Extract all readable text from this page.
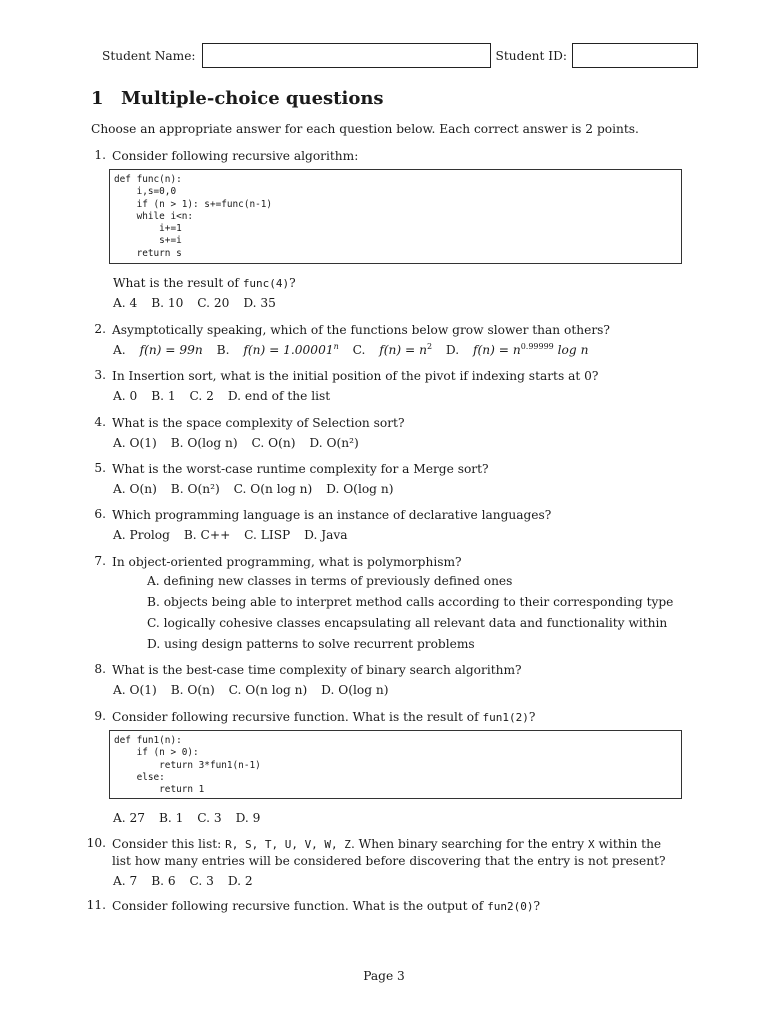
Student Name:	Student ID:
1 Multiple-choice questions
Choose an appropriate answer for each question below. Each correct answer is 2 points.
1. Consider following recursive algorithm:
def func(n):
i,s=0,0
if (n > 1): s+=func(n-1)
while i<n:
i+=1
s+=i
return s
What is the result of func(4)?
A. 4 B. 10 C. 20 D. 35
2. Asymptotically speaking, which of the functions below grow slower than others?
A. f(n) = 99n B. $f(n) = 1.00001^n$ C. $f(n) = n^2$ D. $f(n) = n^{0.99999}$ log n
3. In Insertion sort, what is the initial position of the pivot if indexing starts at 0?
A. 0 B. 1 C. 2 D. end of the list
4. What is the space complexity of Selection sort?
A. O(1) B. O(log n) C. O(n) D. O(n²)
5. What is the worst-case runtime complexity for a Merge sort?
A. O(n) B. O(n²) C. O(n log n) D. O(log n)
6. Which programming language is an instance of declarative languages?
A. Prolog B. C++ C. LISP D. Java
7. In object-oriented programming, what is polymorphism?
A. defining new classes in terms of previously defined ones
B. objects being able to interpret method calls according to their corresponding type
C. logically cohesive classes encapsulating all relevant data and functionality within
D. using design patterns to solve recurrent problems
8. What is the best-case time complexity of binary search algorithm?
A. O(1) B. O(n) C. O(n log n) D. O(log n)
9. Consider following recursive function. What is the result of fun1(2)?
def fun1(n):
if (n > 0):
return 3*fun1(n-1)
else:
return 1
A. 27 B. 1 C. 3 D. 9
10. Consider this list: R, S, T, U, V, W, Z. When binary searching for the entry X within the list how many entries will be considered before discovering that the entry is not present?
A. 7 B. 6 C. 3 D. 2
11. Consider following recursive function. What is the output of fun2(0)?
Page 3
